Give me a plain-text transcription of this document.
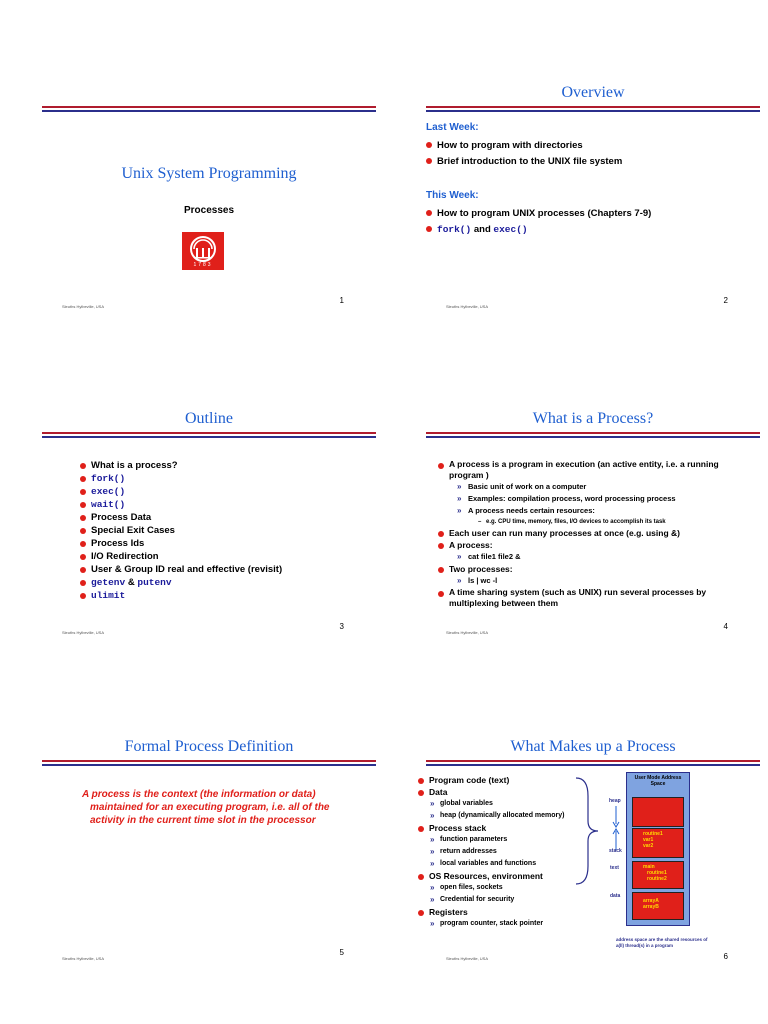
Unix System Programming
Processes
1783
Sleuths Hylbeville, USA
1
Overview
Last Week:
How to program with directories
Brief introduction to the UNIX file system
This Week:
How to program UNIX processes (Chapters 7-9)
fork() and exec()
Sleuths Hylbeville, USA
2
Outline
What is a process?
fork()
exec()
wait()
Process Data
Special Exit Cases
Process Ids
I/O Redirection
User & Group ID real and effective (revisit)
getenv & putenv
ulimit
Sleuths Hylbeville, USA
3
What is a Process?
A process is a program in execution (an active entity, i.e. a running program )
» Basic unit of work on a computer
» Examples: compilation process, word processing process
» A process needs certain resources:
– e.g. CPU time, memory, files, I/O devices to accomplish its task
Each user can run many processes at once (e.g. using &)
A process:
» cat file1 file2 &
Two processes:
» ls | wc -l
A time sharing system (such as UNIX) run several processes by multiplexing between them
Sleuths Hylbeville, USA
4
Formal Process Definition
A process is the context (the information or data) maintained for an executing program, i.e. all of the activity in the current time slot in the processor
Sleuths Hylbeville, USA
5
What Makes up a Process
Program code (text)
Data
» global variables
» heap (dynamically allocated memory)
Process stack
» function parameters
» return addresses
» local variables and functions
OS Resources, environment
» open files, sockets
» Credential for security
Registers
» program counter, stack pointer
User Mode Address Space
routine1
var1
var2
main
routine1
routine2
arrayA
arrayB
heap
stack
text
data
address space are the shared resources of a(ll) thread(s) in a program
Sleuths Hylbeville, USA	6
